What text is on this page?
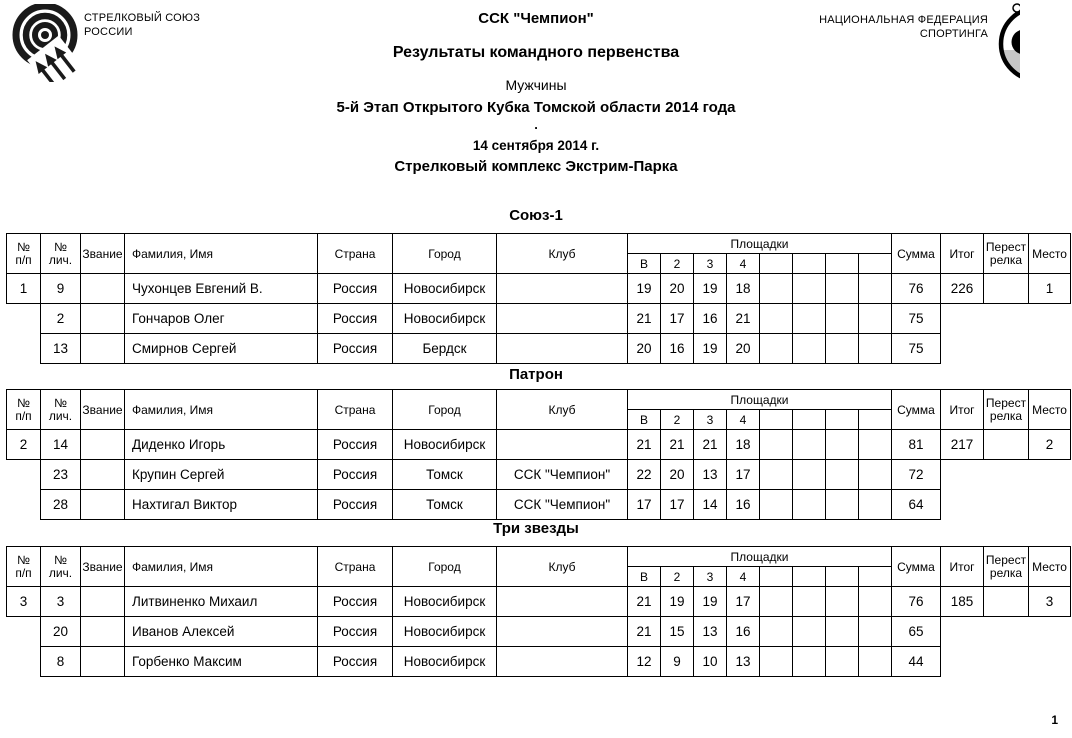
СТРЕЛКОВЫЙ СОЮЗ
РОССИИ
НАЦИОНАЛЬНАЯ ФЕДЕРАЦИЯ
СПОРТИНГА
ССК "Чемпион"
Результаты командного первенства
Мужчины
5-й Этап Открытого Кубка Томской области 2014 года
.
14 сентября 2014 г.
Стрелковый комплекс Экстрим-Парка
Союз-1
№
п/п	№
лич.	Звание	Фамилия, Имя	Страна	Город	Клуб	Площадки								Сумма	Итог	Перест
релка	Место
							В	2	3	4								
1	9		Чухонцев Евгений В.	Россия	Новосибирск		19	20	19	18					76	226		1
	2		Гончаров Олег	Россия	Новосибирск		21	17	16	21					75			
	13		Смирнов Сергей	Россия	Бердск		20	16	19	20					75			
Патрон
№
п/п	№
лич.	Звание	Фамилия, Имя	Страна	Город	Клуб	Площадки								Сумма	Итог	Перест
релка	Место
							В	2	3	4								
2	14		Диденко Игорь	Россия	Новосибирск		21	21	21	18					81	217		2
	23		Крупин Сергей	Россия	Томск	ССК "Чемпион"	22	20	13	17					72			
	28		Нахтигал Виктор	Россия	Томск	ССК "Чемпион"	17	17	14	16					64			
Три звезды
№
п/п	№
лич.	Звание	Фамилия, Имя	Страна	Город	Клуб	Площадки								Сумма	Итог	Перест
релка	Место
							В	2	3	4								
3	3		Литвиненко Михаил	Россия	Новосибирск		21	19	19	17					76	185		3
	20		Иванов Алексей	Россия	Новосибирск		21	15	13	16					65			
	8		Горбенко Максим	Россия	Новосибирск		12	9	10	13					44			
1
